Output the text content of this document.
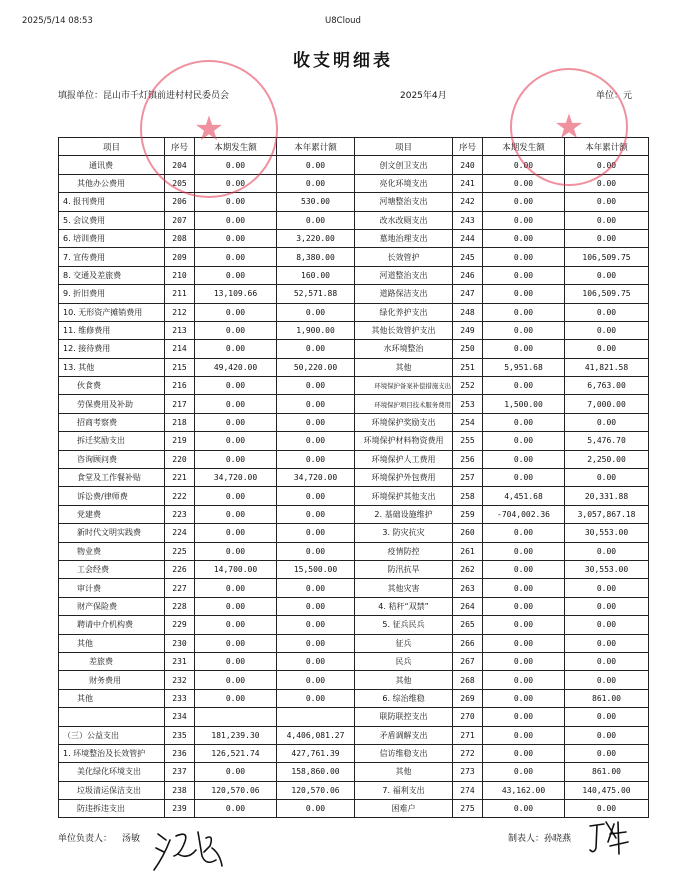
2025/5/14 08:53	U8Cloud
收支明细表
填报单位：昆山市千灯镇前进村村民委员会	2025年4月	单位：元
项目	序号	本期发生额	本年累计额	项目	序号	本期发生额	本年累计额
通讯费	204	0.00	0.00	创文创卫支出	240	0.00	0.00
其他办公费用	205	0.00	0.00	亮化环境支出	241	0.00	0.00
4. 报刊费用	206	0.00	530.00	河塘整治支出	242	0.00	0.00
5. 会议费用	207	0.00	0.00	改水改厕支出	243	0.00	0.00
6. 培训费用	208	0.00	3,220.00	墓地治理支出	244	0.00	0.00
7. 宣传费用	209	0.00	8,380.00	长效管护	245	0.00	106,509.75
8. 交通及差旅费	210	0.00	160.00	河道整治支出	246	0.00	0.00
9. 折旧费用	211	13,109.66	52,571.88	道路保洁支出	247	0.00	106,509.75
10. 无形资产摊销费用	212	0.00	0.00	绿化养护支出	248	0.00	0.00
11. 维修费用	213	0.00	1,900.00	其他长效管护支出	249	0.00	0.00
12. 接待费用	214	0.00	0.00	水环境整治	250	0.00	0.00
13. 其他	215	49,420.00	50,220.00	其他	251	5,951.68	41,821.58
伙食费	216	0.00	0.00	环境保护备案补偿措施支出	252	0.00	6,763.00
劳保费用及补助	217	0.00	0.00	环境保护项目技术服务费用	253	1,500.00	7,000.00
招商考察费	218	0.00	0.00	环境保护奖励支出	254	0.00	0.00
拆迁奖励支出	219	0.00	0.00	环境保护材料物资费用	255	0.00	5,476.70
咨询顾问费	220	0.00	0.00	环境保护人工费用	256	0.00	2,250.00
食堂及工作餐补贴	221	34,720.00	34,720.00	环境保护外包费用	257	0.00	0.00
诉讼费/律师费	222	0.00	0.00	环境保护其他支出	258	4,451.68	20,331.88
党建费	223	0.00	0.00	2. 基础设施维护	259	-704,002.36	3,057,867.18
新时代文明实践费	224	0.00	0.00	3. 防灾抗灾	260	0.00	30,553.00
物业费	225	0.00	0.00	疫情防控	261	0.00	0.00
工会经费	226	14,700.00	15,500.00	防汛抗旱	262	0.00	30,553.00
审计费	227	0.00	0.00	其他灾害	263	0.00	0.00
财产保险费	228	0.00	0.00	4. 秸秆“双禁”	264	0.00	0.00
聘请中介机构费	229	0.00	0.00	5. 征兵民兵	265	0.00	0.00
其他	230	0.00	0.00	征兵	266	0.00	0.00
差旅费	231	0.00	0.00	民兵	267	0.00	0.00
财务费用	232	0.00	0.00	其他	268	0.00	0.00
其他	233	0.00	0.00	6. 综治维稳	269	0.00	861.00
	234			联防联控支出	270	0.00	0.00
（三）公益支出	235	181,239.30	4,406,081.27	矛盾调解支出	271	0.00	0.00
1. 环境整治及长效管护	236	126,521.74	427,761.39	信访维稳支出	272	0.00	0.00
美化绿化环境支出	237	0.00	158,860.00	其他	273	0.00	861.00
垃圾清运保洁支出	238	120,570.06	120,570.06	7. 福利支出	274	43,162.00	140,475.00
防违拆违支出	239	0.00	0.00	困难户	275	0.00	0.00

★
	★
单位负责人： 汤敏	制表人：孙晓燕
